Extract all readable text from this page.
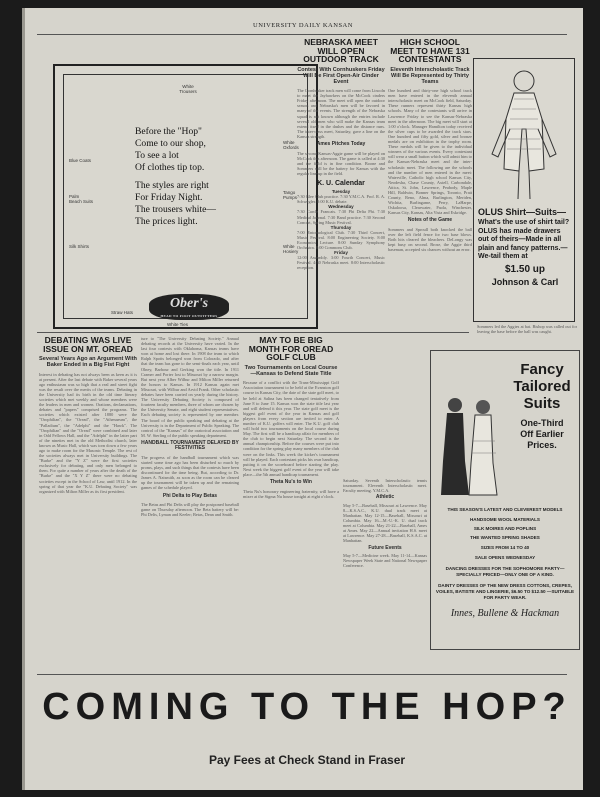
UNIVERSITY DAILY KANSAN
White Trousers
Blue Coats
Palm Beach Suits
Silk Shirts
White Oxfords
Tango Pumps
White Hosiery
Straw Hats
White Ties
Before the "Hop"
Come to our shop,
To see a lot
Of clothes tip top.
The styles are right
For Friday Night.
The trousers white—
The prices light.
Ober's
HEAD TO FOOT OUTFITTERS
NEBRASKA MEET WILL OPEN OUTDOOR TRACK
Contest With Cornhuskers Friday Will Be First Open-Air Cinder Event
The Cornhusker track men will come from Lincoln to meet the Jayhawkers on the McCook cinders Friday afternoon. The meet will open the outdoor season and Nebraska's men will be favored in many of the events. The strength of the Nebraska squad is not known although the entries include several old men who will make the Kansas team extend itself in the dashes and the distance runs. The inter-class meet, Saturday, gave a line on the Kansas strength.
Ames Pitches Today
The second Kansas-Aggie game will be played on McCook this afternoon. The game is called at 4:30 and the field is in fine condition. Boone and Sommers will be the battery for Kansas with the regular line-up in the field.
K. U. Calendar
Tuesday
7:30 Glee Club practice. 7:30 Y.M.C.A. Prof. R. A. Schwegler. 8:00 K.U. debate.
Wednesday
7:30 Carcle Francais. 7:30 Phi Delta Phi. 7:30 Medical Journal. 7:30 Band practice. 7:30 Second Concert, Spring Music Festival.
Thursday
7:00 Entomological Club. 7:30 Third Concert, Music Festival. 8:00 Engineering Society. 8:00 Economics Lecture. 8:00 Sunday Symphony Orchestra. 8:00 Commons Club.
Friday
12:00 Assembly. 3:00 Fourth Concert, Music Festival. 4:30 Nebraska meet. 8:00 Interscholastic reception.
HIGH SCHOOL MEET TO HAVE 131 CONTESTANTS
Eleventh Interscholastic Track Will Be Represented by Thirty Teams
One hundred and thirty-one high school track men have entered in the eleventh annual interscholastic meet on McCook field, Saturday. These runners represent thirty Kansas high schools. Many of the contestants will arrive in Lawrence Friday to see the Kansas-Nebraska meet in the afternoon. The big meet will start at 1:00 o'clock. Manager Hamilton today received the silver cups to be awarded the track stars. One hundred and fifty gold, silver and bronze medals are on exhibition in the trophy room. These medals will be given to the individual winners of the various events. Every contestant will wear a small button which will admit him to the Kansas-Nebraska meet and the inter-scholastic meet. The following are the schools and the number of men entered in the meet: Waterville, Catholic high school Kansas City, Neodesha, Chase County, Axtell, Carbondale, Attica, St. John, Lawrence, Peabody, Maple Hill, Baldwin, Bonner Springs, Toronto, Pratt County, Reno, Alma, Burlington, Meriden, Wichita, Burlingame, Perry, LaHarpe, Oskaloosa, Clearwater, Paola, Winchester, Kansas City, Kansas, Alta Vista and Eskridge.
Notes of the Game
Sommers and Sproull both knocked the ball over the left field fence for two base blows. Both hits cleared the bleachers. DeLongy was kept busy on second. Brose, the Aggie third baseman, accepted six chances without an error.
OLUS Shirt—Suits—
What's the use of shirt tail?
OLUS has made drawers out of theirs—Made in all plain and fancy patterns.—We-tail them at
$1.50 up
Johnson & Carl
DEBATING WAS LIVE ISSUE ON MT. OREAD
Several Years Ago an Argument With Baker Ended in a Big Fist Fight
Interest in debating has not always been as keen as it is at present. After the last debate with Baker several years ago enthusiasm was so high that a real and street fight was the result over the merits of the teams. Debating in the University had its birth in the old time literary societies which met weekly and whose members were the leaders in men and women. Orations, declamations, debates and "papers" comprised the programs. The societies which existed after 1880 were the "Orophilian", the "Oread", the "Athenaeum", the "Palladium", the "Adelphi" and the "Hawk". The "Orophilian" and the "Oread" were combined and later in Odd Fellows Hall, and the "Adelphi" in the latter part of the nineties met in the old Methodist church, later known as Music Hall, which was torn down a few years ago to make room for the Masonic Temple. The rest of the societies always met in University buildings. The "Burke" and the "Y Z" were the first societies exclusively for debating, and only men belonged to them. For quite a number of years after the death of the "Burke" and the "X Y Z" there were no debating societies except in the School of Law, until 1912. In the spring of that year the "K.U. Debating Society" was organized with Milton Miller as its first president.
ture to "The University Debating Society." Annual debating records at the University have varied. In the last four contests with Oklahoma, Kansas teams have won at home and lost there. In 1908 the team to which Ralph Spotts belonged won from Colorado, and after that the team has gone to the semi-finals each year, until Olney, Barbour and Gerking won the title. In 1911 Cramer and Porter lost to Missouri by a narrow margin. But next year Alber Wilbur and Milton Miller returned the honors to Kansas. In 1912 Kansas again met Missouri, with Wilbur and Arvid Frank. Other scholastic debates have been carried on yearly during the history. The University Debating Society is composed of fourteen faculty members, three of whom are chosen by the University Senate, and eight student representatives. Each debating society is represented by one member. The board of the public speaking and debating at the University is in the Department of Public Speaking. The control of the "Kansas" of the oratorical association and M. W. Sterling of the public speaking department.
HANDBALL TOURNAMENT DELAYED BY FESTIVITIES
The progress of the handball tournament which was started some time ago has been disturbed so much by proms, plays, and such things that the contests have been discontinued for the time being. But, according to Dr. James A. Naismith, as soon as the room can be cleared up the tournament will be taken up and the remaining games of the schedule played.
Phi Delta to Play Betas
The Betas and Phi Delts will play the postponed baseball game on Thursday afternoon. The Beta battery will be: Phi Delts, Lyman and Keeler; Betas, Dean and Smith.
MAY TO BE BIG MONTH FOR OREAD GOLF CLUB
Two Tournaments on Local Course—Kansas to Defend State Title
Because of a conflict with the Trans-Mississippi Golf Association tournament to be held at the Evanston golf course in Kansas City, the date of the state golf meet, to be held at Salina has been changed tentatively from June 8 to June 15. Kansas won the state title last year and will defend it this year. The state golf meet is the biggest golf event of the year in Kansas and golf players from every section are invited to enter. A number of K.U. golfers will enter. The K.U. golf club will hold two tournaments on the local course during May. The first will be a handicap affair for members of the club to begin next Saturday. The second is the annual championship. Before the courses were put into condition for the spring play many members of the club were on the links. This week the kicker's tournament will be played. Each contestant picks his own handicap, putting it on the scoreboard before starting the play. Next week the biggest golf event of the year will take place—the 5th annual handicap tournament.
Theta Nu's to Win
Theta Nu's honorary engineering fraternity, will have a mixer at the Sigma Nu house tonight at eight o'clock.
Saturday. Seventh Interscholastic tennis tournament. Eleventh Interscholastic meet. Faculty meeting. Y.M.C.A.
Athletic
May 5-7—Baseball, Missouri at Lawrence. May 8—K.S.A.C., K.U. dual track meet at Manhattan. May 12-15—Baseball, Missouri at Columbia. May 16—M.-U.-K. U. dual track meet at Columbia. May 21-22—Baseball, Ames at Ames. May 22—Annual invitation H.S. meet at Lawrence. May 27-28—Baseball, K.S.A.C. at Manhattan.
Future Events
May 5-7—Medicine week. May 11-14—Kansas Newspaper Week State and National Newspaper Conference.
Sommers led the Aggies at bat. Bishop was called out for leaving the base before the ball was caught.
Fancy
Tailored
Suits
One-Third
Off Earlier
Prices.
THIS SEASON'S LATEST AND CLEVEREST MODELS
HANDSOME WOOL MATERIALS
SILK MOIRES AND POPLINS
THE WANTED SPRING SHADES
SIZES FROM 14 TO 40
SALE OPENS WEDNESDAY
DANCING DRESSES FOR THE SOPHOMORE PARTY—SPECIALLY PRICED—ONLY ONE OF A KIND.
DAINTY DRESSES OF THE NEW DRESS COTTONS, CREPES, VOILES, BATISTE AND LINGERIE, $6.50 TO $12.50 —SUITABLE FOR PARTY WEAR.
Innes, Bullene & Hackman
COMING TO THE HOP?
Pay Fees at Check Stand in Fraser
